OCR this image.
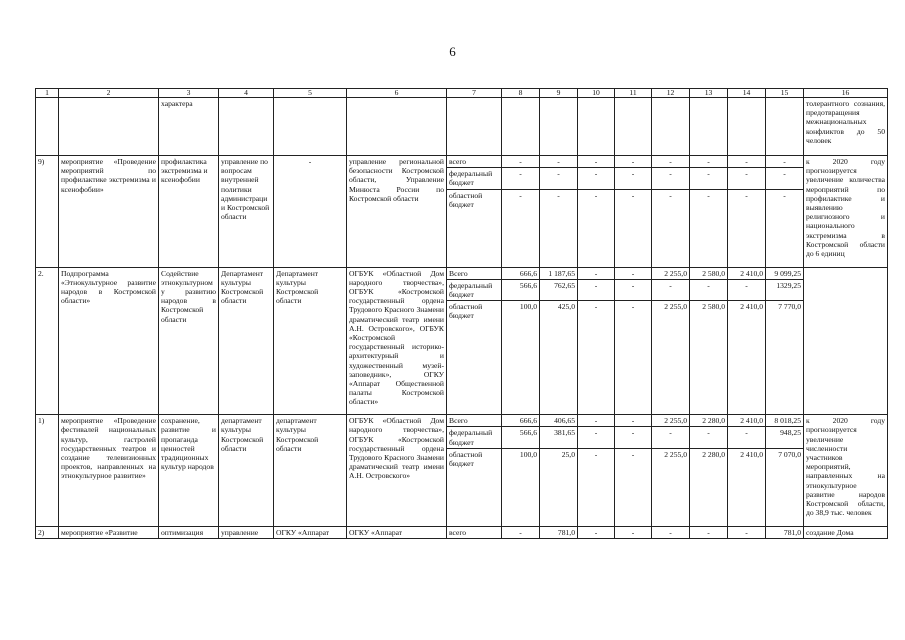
6
1	2	3	4	5	6	7	8	9	10	11	12	13	14	15	16
		характера													толерантного сознания, предотвращения межнациональных конфликтов до 50 человек
9)	мероприятие «Проведение мероприятий по профилактике экстремизма и ксенофобии»	профилактика экстремизма и ксенофобии	управление по вопросам внутренней политики администрации Костромской области	-	управление региональной безопасности Костромской области, Управление Минюста России по Костромской области	всего	-	-	-	-	-	-	-	-	к 2020 году прогнозируется увеличение количества мероприятий по профилактике и выявлению религиозного и национального экстремизма в Костромской области до 6 единиц
						федеральный бюджет	-	-	-	-	-	-	-	-	
						областной бюджет	-	-	-	-	-	-	-	-	
2.	Подпрограмма «Этнокультурное развитие народов в Костромской области»	Содействие этнокультурному развитию народов в Костромской области	Департамент культуры Костромской области	Департамент культуры Костромской области	ОГБУК «Областной Дом народного творчества», ОГБУК «Костромской государственный ордена Трудового Красного Знамени драматический театр имени А.Н. Островского», ОГБУК «Костромской государственный историко-архитектурный и художественный музей-заповедник», ОГКУ «Аппарат Общественной палаты Костромской области»	Всего	666,6	1 187,65	-	-	2 255,0	2 580,0	2 410,0	9 099,25	
						федеральный бюджет	566,6	762,65	-	-	-	-	-	1329,25	
						областной бюджет	100,0	425,0	-	-	2 255,0	2 580,0	2 410,0	7 770,0	
1)	мероприятие «Проведение фестивалей национальных культур, гастролей государственных театров и создание телевизионных проектов, направленных на этнокультурное развитие»	сохранение, развитие и пропаганда ценностей традиционных культур народов	департамент культуры Костромской области	департамент культуры Костромской области	ОГБУК «Областной Дом народного творчества», ОГБУК «Костромской государственный ордена Трудового Красного Знамени драматический театр имени А.Н. Островского»	Всего	666,6	406,65	-	-	2 255,0	2 280,0	2 410,0	8 018,25	к 2020 году прогнозируется увеличение численности участников мероприятий, направленных на этнокультурное развитие народов Костромской области, до 38,9 тыс. человек
						федеральный бюджет	566,6	381,65	-	-	-	-	-	948,25	
						областной бюджет	100,0	25,0	-	-	2 255,0	2 280,0	2 410,0	7 070,0	
2)	мероприятие «Развитие	оптимизация	управление	ОГКУ «Аппарат	ОГКУ «Аппарат	всего	-	781,0	-	-	-	-	-	781,0	создание Дома
